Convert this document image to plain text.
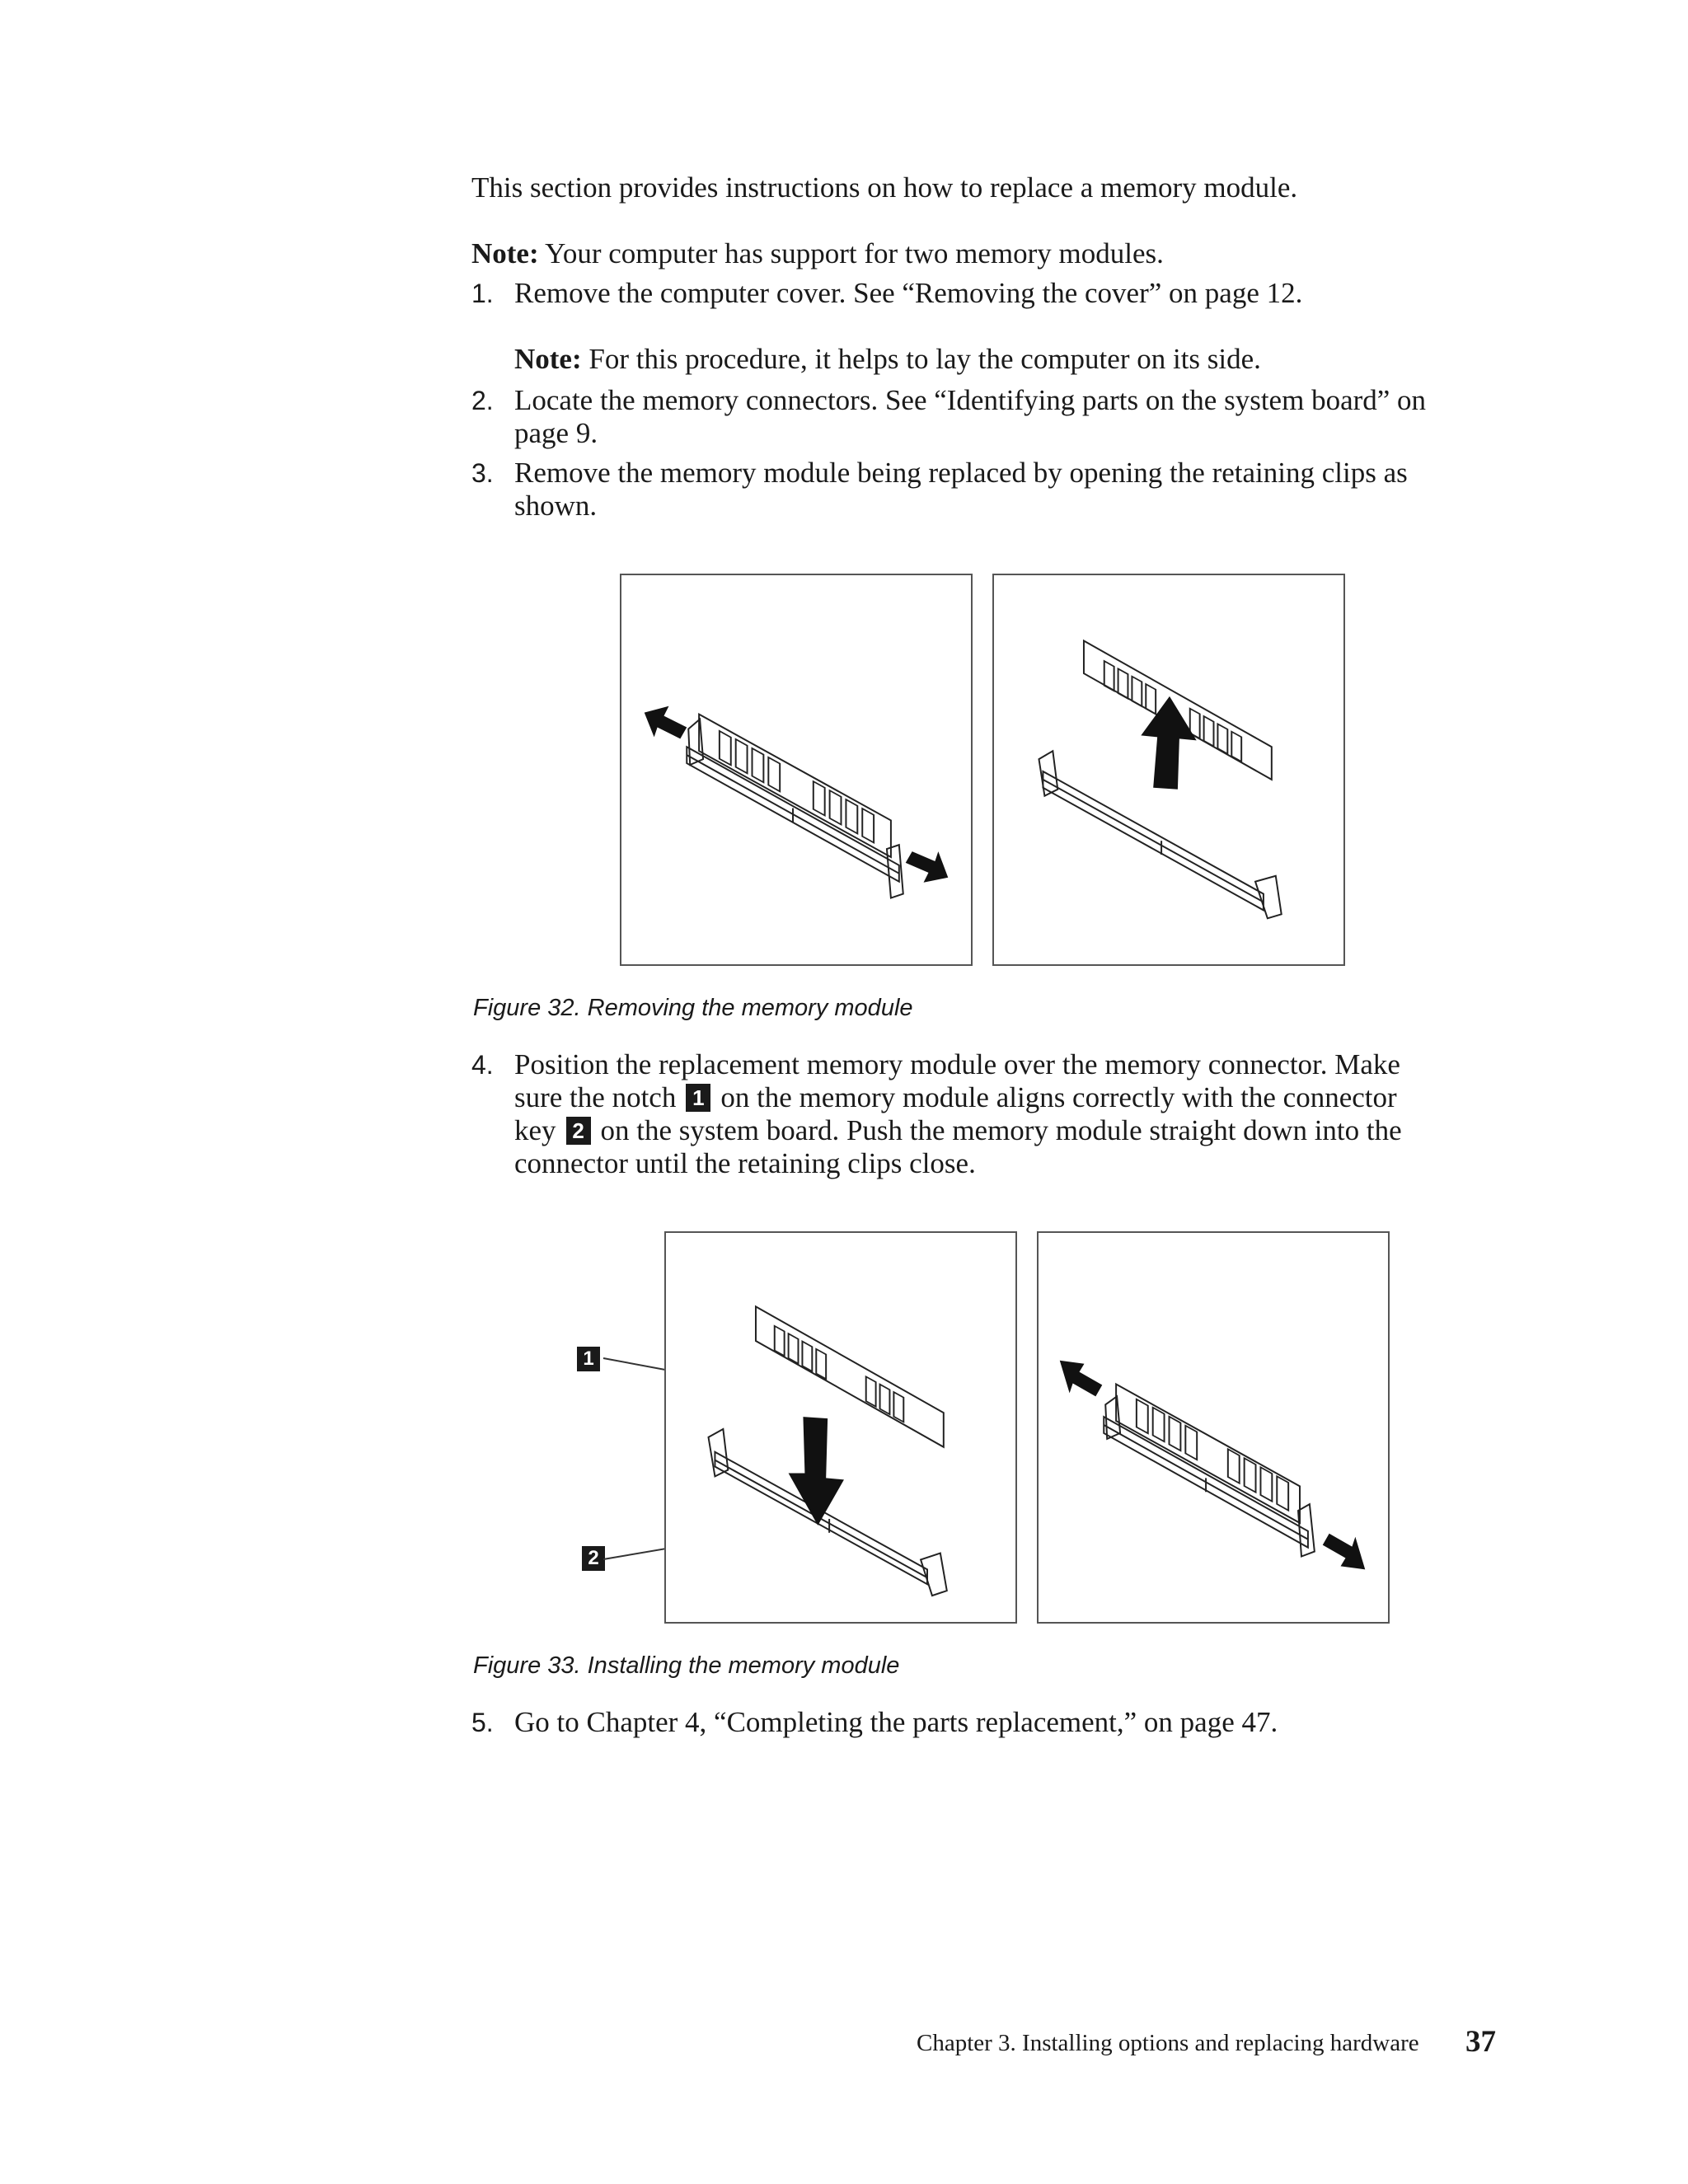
This section provides instructions on how to replace a memory module.
Note: Your computer has support for two memory modules.
1. Remove the computer cover. See “Removing the cover” on page 12.
Note: For this procedure, it helps to lay the computer on its side.
2. Locate the memory connectors. See “Identifying parts on the system board” on
page 9.
3. Remove the memory module being replaced by opening the retaining clips as
shown.
Figure 32. Removing the memory module
4. Position the replacement memory module over the memory connector. Make
sure the notch 1 on the memory module aligns correctly with the connector
key 2 on the system board. Push the memory module straight down into the
connector until the retaining clips close.
1
2
Figure 33. Installing the memory module
5. Go to Chapter 4, “Completing the parts replacement,” on page 47.
Chapter 3. Installing options and replacing hardware 37
